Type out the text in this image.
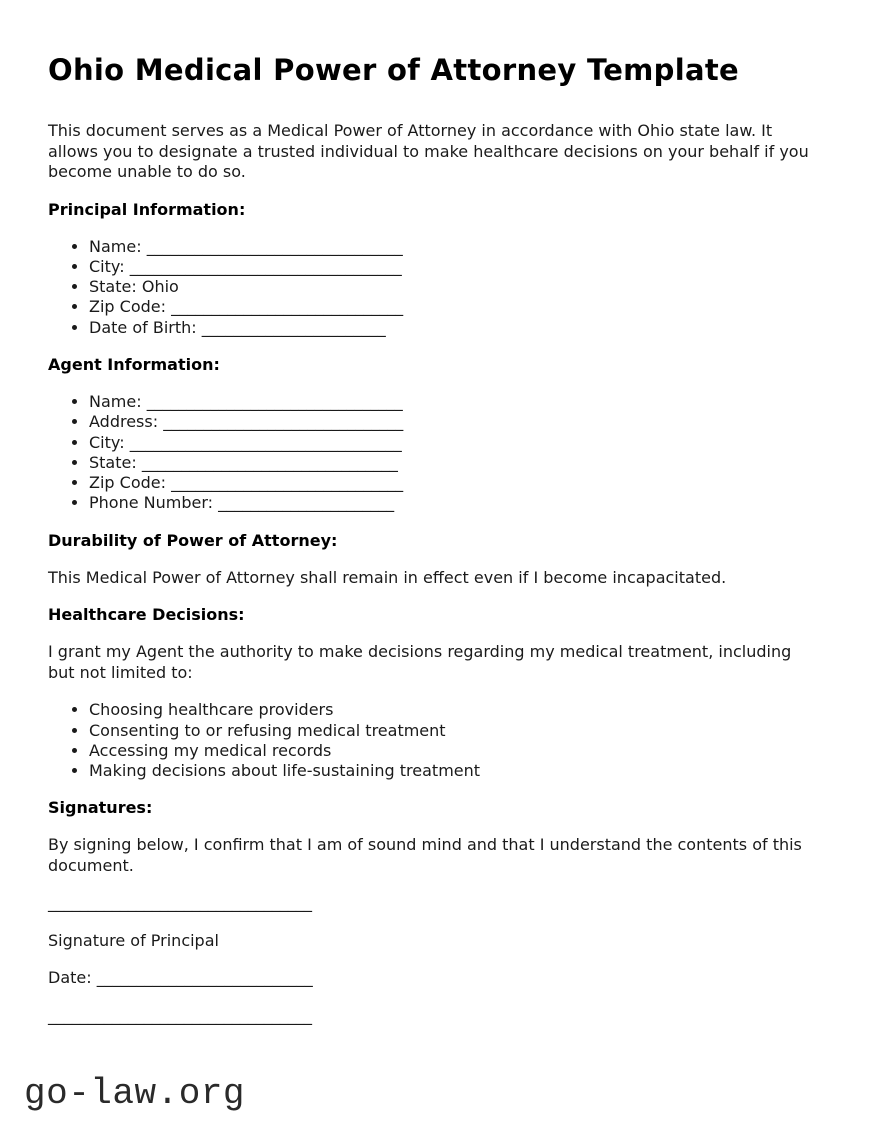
Ohio Medical Power of Attorney Template

This document serves as a Medical Power of Attorney in accordance with Ohio state law. It allows you to designate a trusted individual to make healthcare decisions on your behalf if you become unable to do so.

Principal Information:
• Name: ________________________________
• City: __________________________________
• State: Ohio
• Zip Code: _____________________________
• Date of Birth: _______________________
Agent Information:
• Name: ________________________________
• Address: ______________________________
• City: __________________________________
• State: ________________________________
• Zip Code: _____________________________
• Phone Number: ______________________
Durability of Power of Attorney:

This Medical Power of Attorney shall remain in effect even if I become incapacitated.

Healthcare Decisions:

I grant my Agent the authority to make decisions regarding my medical treatment, including but not limited to:

• Choosing healthcare providers
• Consenting to or refusing medical treatment
• Accessing my medical records
• Making decisions about life-sustaining treatment
Signatures:

By signing below, I confirm that I am of sound mind and that I understand the contents of this document.

_________________________________

Signature of Principal

Date: ___________________________

_________________________________

go-law.org
